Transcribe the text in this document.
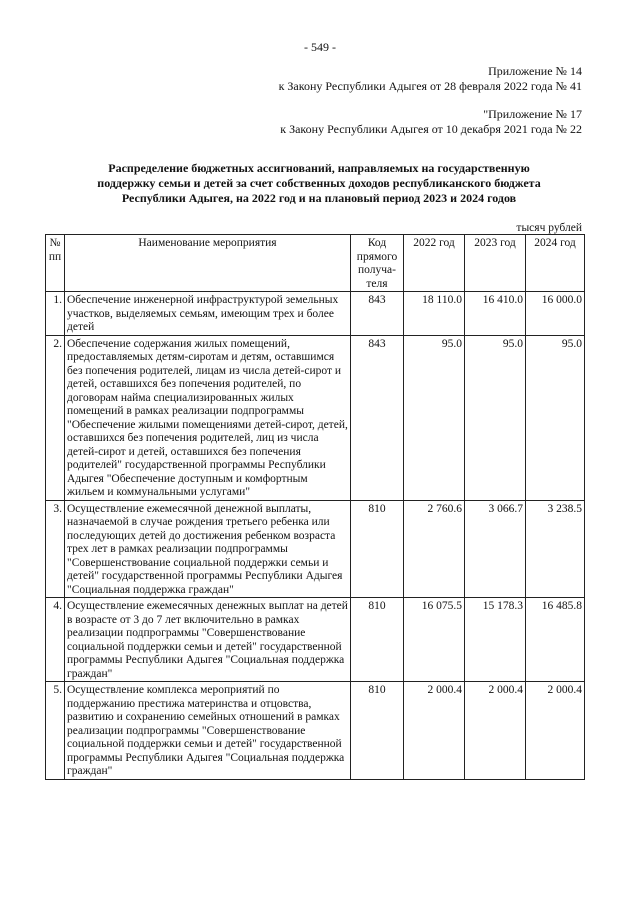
- 549 -
Приложение № 14
к Закону Республики Адыгея от 28 февраля 2022 года № 41
"Приложение № 17
к Закону Республики Адыгея от 10 декабря 2021 года № 22
Распределение бюджетных ассигнований, направляемых на государственную
поддержку семьи и детей за счет собственных доходов республиканского бюджета
Республики Адыгея, на 2022 год и на плановый период 2023 и 2024 годов
тысяч рублей
№ пп	Наименование мероприятия	Код прямого получа-теля	2022 год	2023 год	2024 год
1.	Обеспечение инженерной инфраструктурой земельных участков, выделяемых семьям, имеющим трех и более детей	843	18 110.0	16 410.0	16 000.0
2.	Обеспечение содержания жилых помещений, предоставляемых детям-сиротам и детям, оставшимся без попечения родителей, лицам из числа детей-сирот и детей, оставшихся без попечения родителей, по договорам найма специализированных жилых помещений в рамках реализации подпрограммы "Обеспечение жилыми помещениями детей-сирот, детей, оставшихся без попечения родителей, лиц из числа детей-сирот и детей, оставшихся без попечения родителей" государственной программы Республики Адыгея "Обеспечение доступным и комфортным жильем и коммунальными услугами"	843	95.0	95.0	95.0
3.	Осуществление ежемесячной денежной выплаты, назначаемой в случае рождения третьего ребенка или последующих детей до достижения ребенком возраста трех лет в рамках реализации подпрограммы "Совершенствование социальной поддержки семьи и детей" государственной программы Республики Адыгея "Социальная поддержка граждан"	810	2 760.6	3 066.7	3 238.5
4.	Осуществление ежемесячных денежных выплат на детей в возрасте от 3 до 7 лет включительно в рамках реализации подпрограммы "Совершенствование социальной поддержки семьи и детей" государственной программы Республики Адыгея "Социальная поддержка граждан"	810	16 075.5	15 178.3	16 485.8
5.	Осуществление комплекса мероприятий по поддержанию престижа материнства и отцовства, развитию и сохранению семейных отношений в рамках реализации подпрограммы "Совершенствование социальной поддержки семьи и детей" государственной программы Республики Адыгея "Социальная поддержка граждан"	810	2 000.4	2 000.4	2 000.4
